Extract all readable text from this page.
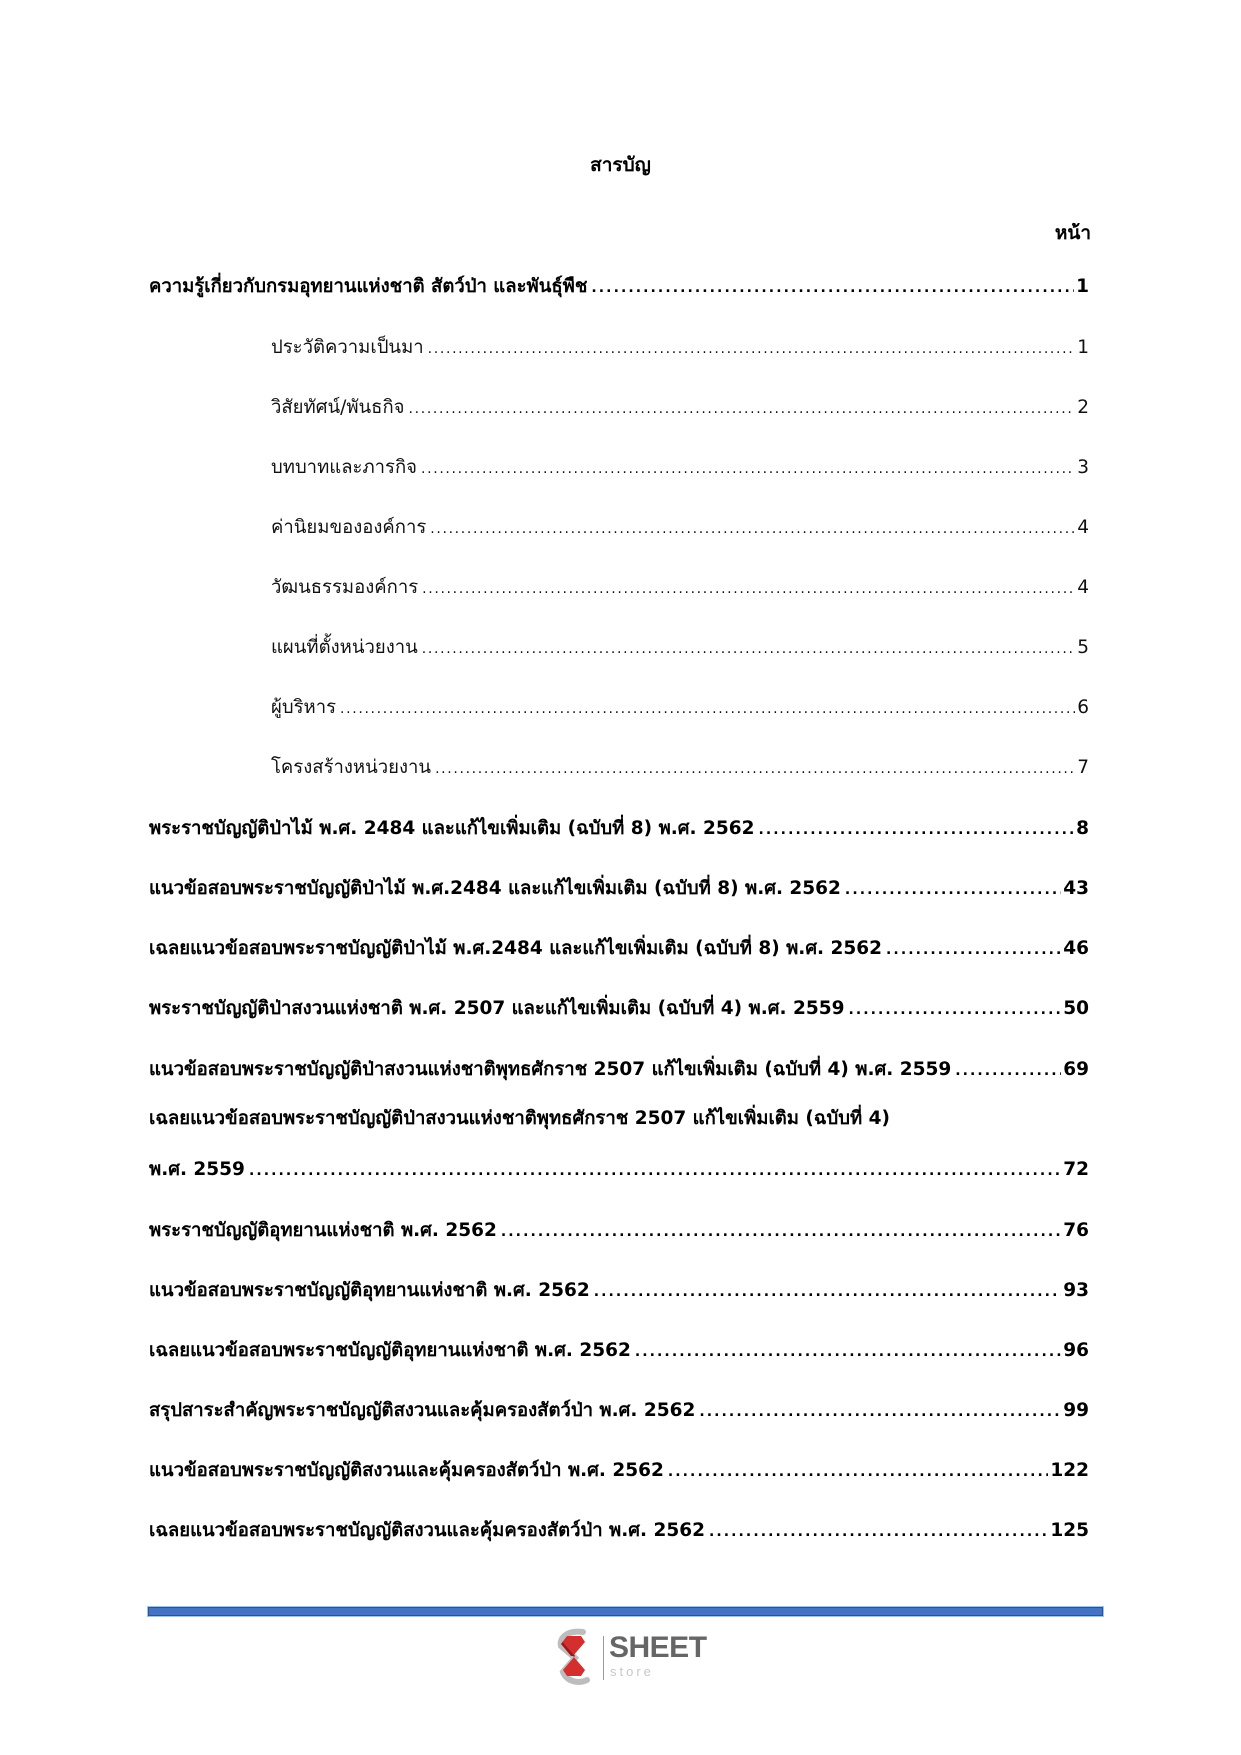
สารบัญ
หน้า
ความรู้เกี่ยวกับกรมอุทยานแห่งชาติ สัตว์ป่า และพันธุ์พืช . . .	1
ประวัติความเป็นมา . . .	1
วิสัยทัศน์/พันธกิจ . . .	2
บทบาทและภารกิจ . . .	3
ค่านิยมขององค์การ . . .	4
วัฒนธรรมองค์การ . . .	4
แผนที่ตั้งหน่วยงาน . . .	5
ผู้บริหาร . . .	6
โครงสร้างหน่วยงาน . . .	7
พระราชบัญญัติป่าไม้ พ.ศ. 2484 และแก้ไขเพิ่มเติม (ฉบับที่ 8) พ.ศ. 2562 . . .	8
แนวข้อสอบพระราชบัญญัติป่าไม้ พ.ศ.2484 และแก้ไขเพิ่มเติม (ฉบับที่ 8) พ.ศ. 2562 . . .	43
เฉลยแนวข้อสอบพระราชบัญญัติป่าไม้ พ.ศ.2484 และแก้ไขเพิ่มเติม (ฉบับที่ 8) พ.ศ. 2562 . . .	46
พระราชบัญญัติป่าสงวนแห่งชาติ พ.ศ. 2507 และแก้ไขเพิ่มเติม (ฉบับที่ 4) พ.ศ. 2559 . . .	50
แนวข้อสอบพระราชบัญญัติป่าสงวนแห่งชาติพุทธศักราช 2507 แก้ไขเพิ่มเติม (ฉบับที่ 4) พ.ศ. 2559 . . .	69
เฉลยแนวข้อสอบพระราชบัญญัติป่าสงวนแห่งชาติพุทธศักราช 2507 แก้ไขเพิ่มเติม (ฉบับที่ 4)
พ.ศ. 2559 . . .	72
พระราชบัญญัติอุทยานแห่งชาติ พ.ศ. 2562 . . .	76
แนวข้อสอบพระราชบัญญัติอุทยานแห่งชาติ พ.ศ. 2562 . . .	93
เฉลยแนวข้อสอบพระราชบัญญัติอุทยานแห่งชาติ พ.ศ. 2562 . . .	96
สรุปสาระสำคัญพระราชบัญญัติสงวนและคุ้มครองสัตว์ป่า พ.ศ. 2562 . . .	99
แนวข้อสอบพระราชบัญญัติสงวนและคุ้มครองสัตว์ป่า พ.ศ. 2562 . . .	122
เฉลยแนวข้อสอบพระราชบัญญัติสงวนและคุ้มครองสัตว์ป่า พ.ศ. 2562 . . .	125
SHEET
store
